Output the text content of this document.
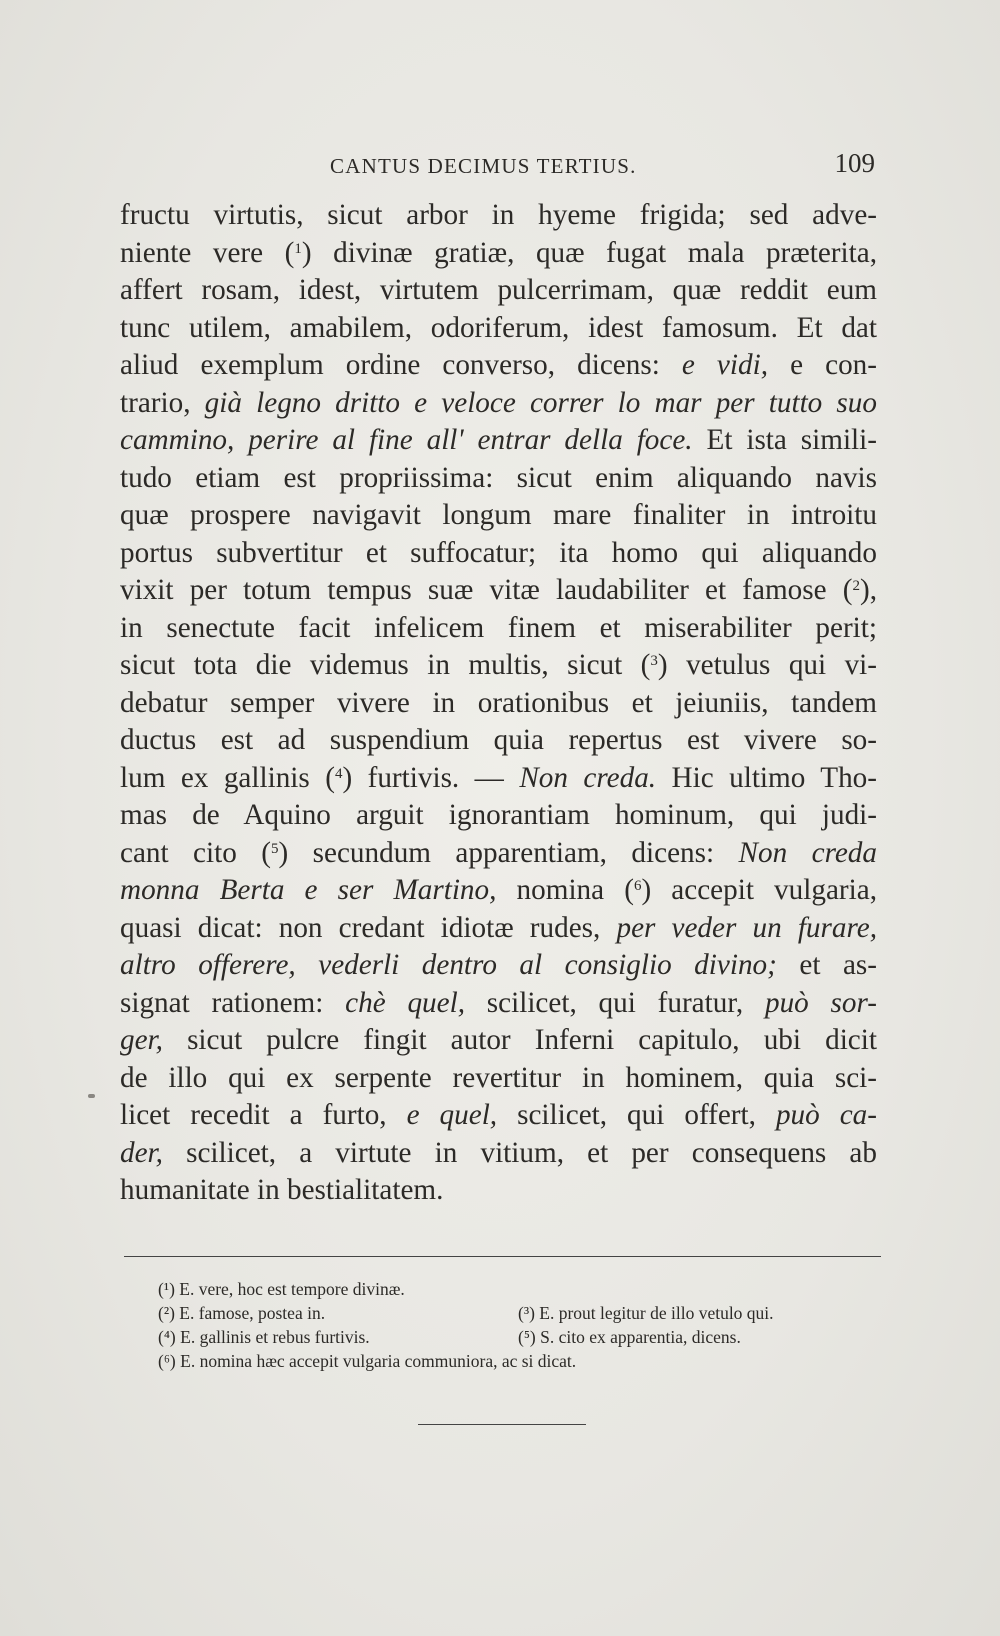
CANTUS DECIMUS TERTIUS.	109
fructu virtutis, sicut arbor in hyeme frigida; sed adve-
niente vere ($^1$) divinæ gratiæ, quæ fugat mala præterita,
affert rosam, idest, virtutem pulcerrimam, quæ reddit eum
tunc utilem, amabilem, odoriferum, idest famosum. Et dat
aliud exemplum ordine converso, dicens: e vidi, e con-
trario, già legno dritto e veloce correr lo mar per tutto suo
cammino, perire al fine all' entrar della foce. Et ista simili-
tudo etiam est propriissima: sicut enim aliquando navis
quæ prospere navigavit longum mare finaliter in introitu
portus subvertitur et suffocatur; ita homo qui aliquando
vixit per totum tempus suæ vitæ laudabiliter et famose ($^2$),
in senectute facit infelicem finem et miserabiliter perit;
sicut tota die videmus in multis, sicut ($^3$) vetulus qui vi-
debatur semper vivere in orationibus et jeiuniis, tandem
ductus est ad suspendium quia repertus est vivere so-
lum ex gallinis ($^4$) furtivis. — Non creda. Hic ultimo Tho-
mas de Aquino arguit ignorantiam hominum, qui judi-
cant cito ($^5$) secundum apparentiam, dicens: Non creda
monna Berta e ser Martino, nomina ($^6$) accepit vulgaria,
quasi dicat: non credant idiotæ rudes, per veder un furare,
altro offerere, vederli dentro al consiglio divino; et as-
signat rationem: chè quel, scilicet, qui furatur, può sor-
ger, sicut pulcre fingit autor Inferni capitulo, ubi dicit
de illo qui ex serpente revertitur in hominem, quia sci-
licet recedit a furto, e quel, scilicet, qui offert, può ca-
der, scilicet, a virtute in vitium, et per consequens ab
humanitate in bestialitatem.
(¹) E. vere, hoc est tempore divinæ.
(²) E. famose, postea in.	(³) E. prout legitur de illo vetulo qui.
(⁴) E. gallinis et rebus furtivis.	(⁵) S. cito ex apparentia, dicens.
(⁶) E. nomina hæc accepit vulgaria communiora, ac si dicat.
